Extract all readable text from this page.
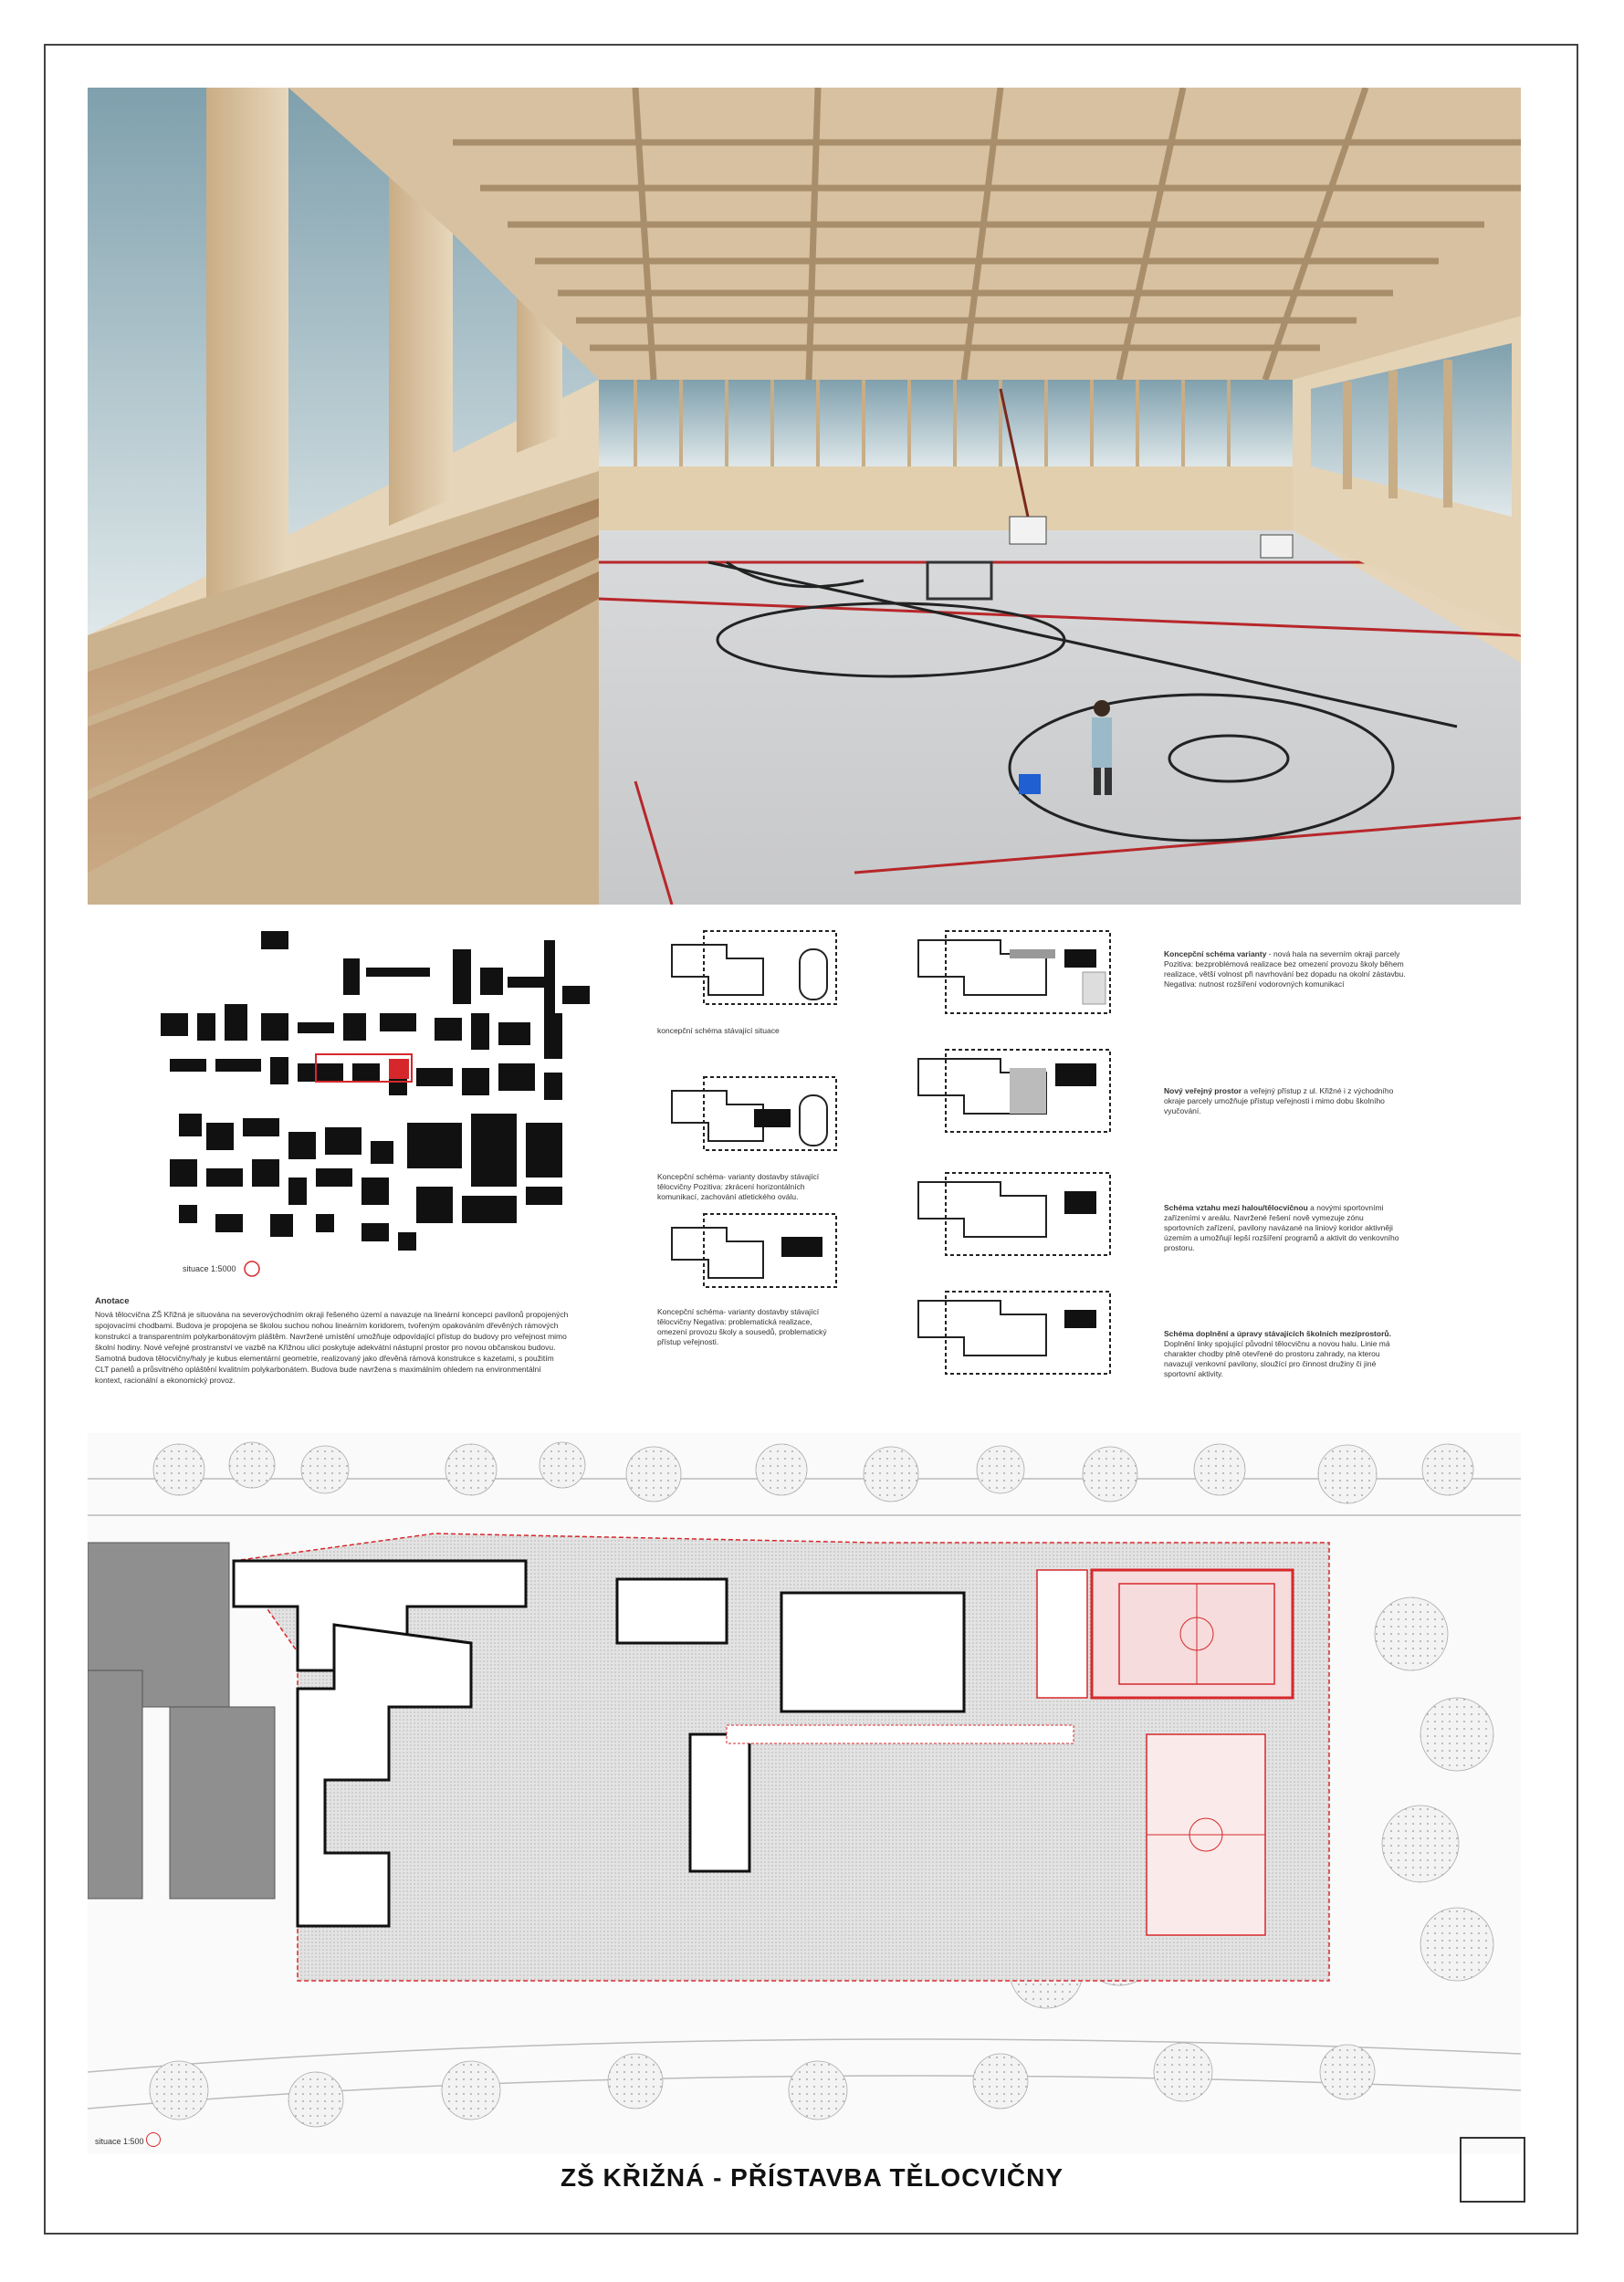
situace 1:5000
Anotace
Nová tělocvična ZŠ Křižná je situována na severovýchodním okraji řešeného území a navazuje na lineární koncepci pavilonů propojených spojovacími chodbami. Budova je propojena se školou suchou nohou lineárním koridorem, tvořeným opakováním dřevěných rámových konstrukcí a transparentním polykarbonátovým pláštěm. Navržené umístění umožňuje odpovídající přístup do budovy pro veřejnost mimo školní hodiny. Nové veřejné prostranství ve vazbě na Křižnou ulici poskytuje adekvátní nástupní prostor pro novou občanskou budovu. Samotná budova tělocvičny/haly je kubus elementární geometrie, realizovaný jako dřevěná rámová konstrukce s kazetami, s použitím CLT panelů a průsvitného opláštění kvalitním polykarbonátem. Budova bude navržena s maximálním ohledem na environmentální kontext, racionální a ekonomický provoz.
koncepční schéma stávající situace
Koncepční schéma- varianty dostavby stávající tělocvičny Pozitiva: zkrácení horizontálních komunikací, zachování atletického oválu.
Koncepční schéma- varianty dostavby stávající tělocvičny Negativa: problematická realizace, omezení provozu školy a sousedů, problematický přístup veřejnosti.
Koncepční schéma varianty - nová hala na severním okraji parcely Pozitiva: bezproblémová realizace bez omezení provozu školy během realizace, větší volnost při navrhování bez dopadu na okolní zástavbu. Negativa: nutnost rozšíření vodorovných komunikací
Nový veřejný prostor a veřejný přístup z ul. Křižné i z východního okraje parcely umožňuje přístup veřejnosti i mimo dobu školního vyučování.
Schéma vztahu mezi halou/tělocvičnou a novými sportovními zařízeními v areálu. Navržené řešení nově vymezuje zónu sportovních zařízení, pavilony navázané na liniový koridor aktivněji územím a umožňují lepší rozšíření programů a aktivit do venkovního prostoru.
Schéma doplnění a úpravy stávajících školních mezíprostorů. Doplnění linky spojující původní tělocvičnu a novou halu. Linie má charakter chodby plně otevřené do prostoru zahrady, na kterou navazují venkovní pavilony, sloužící pro činnost družiny či jiné sportovní aktivity.
situace 1:500
ZŠ KŘIŽNÁ - PŘÍSTAVBA TĚLOCVIČNY
